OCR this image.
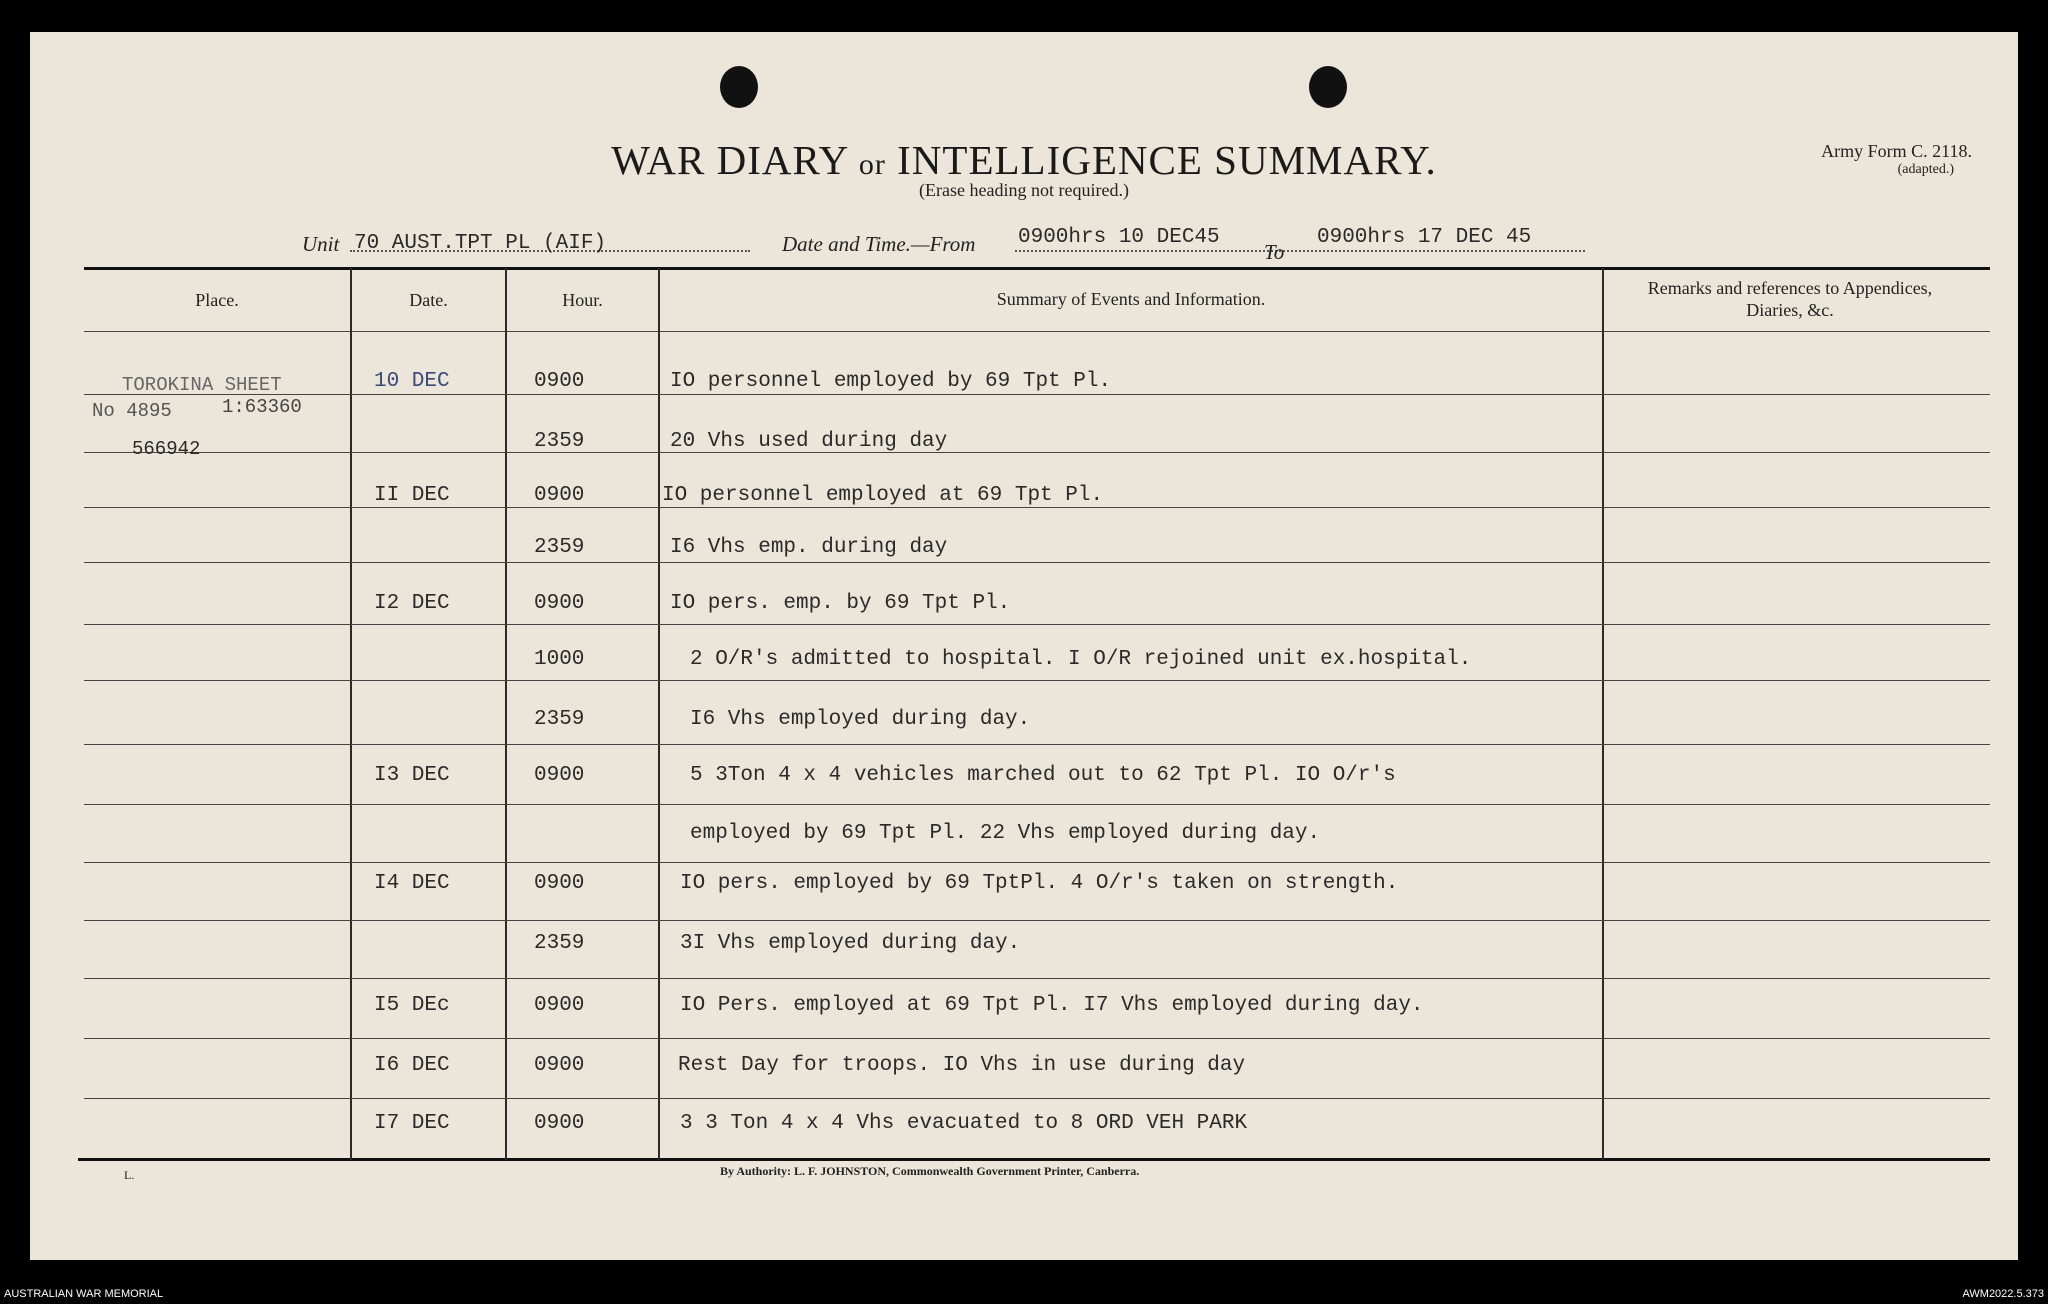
WAR DIARY or INTELLIGENCE SUMMARY.
(Erase heading not required.)
Army Form C. 2118.
(adapted.)
Unit 70 AUST.TPT PL (AIF)	Date and Time.—From 0900hrs 10 DEC45
To
0900hrs 17 DEC 45
Place.	Date.	Hour.	Summary of Events and Information.
Remarks and references to Appendices, Diaries, &c.
TOROKINA SHEET
No 4895	1:63360
566942
10 DEC	0900	IO personnel employed by 69 Tpt Pl.
2359	20 Vhs used during day
II DEC	0900	IO personnel employed at 69 Tpt Pl.
2359	I6 Vhs emp. during day
I2 DEC	0900	IO pers. emp. by 69 Tpt Pl.
1000	2 O/R's admitted to hospital. I O/R rejoined unit ex.hospital.
2359	I6 Vhs employed during day.
I3 DEC	0900	5 3Ton 4 x 4 vehicles marched out to 62 Tpt Pl. IO O/r's
employed by 69 Tpt Pl. 22 Vhs employed during day.
I4 DEC	0900	IO pers. employed by 69 TptPl. 4 O/r's taken on strength.
2359	3I Vhs employed during day.
I5 DEc	0900	IO Pers. employed at 69 Tpt Pl. I7 Vhs employed during day.
I6 DEC	0900	Rest Day for troops. IO Vhs in use during day
I7 DEC	0900	3 3 Ton 4 x 4 Vhs evacuated to 8 ORD VEH PARK
L.	By Authority: L. F. JOHNSTON, Commonwealth Government Printer, Canberra.
AUSTRALIAN WAR MEMORIAL	AWM2022.5.373
